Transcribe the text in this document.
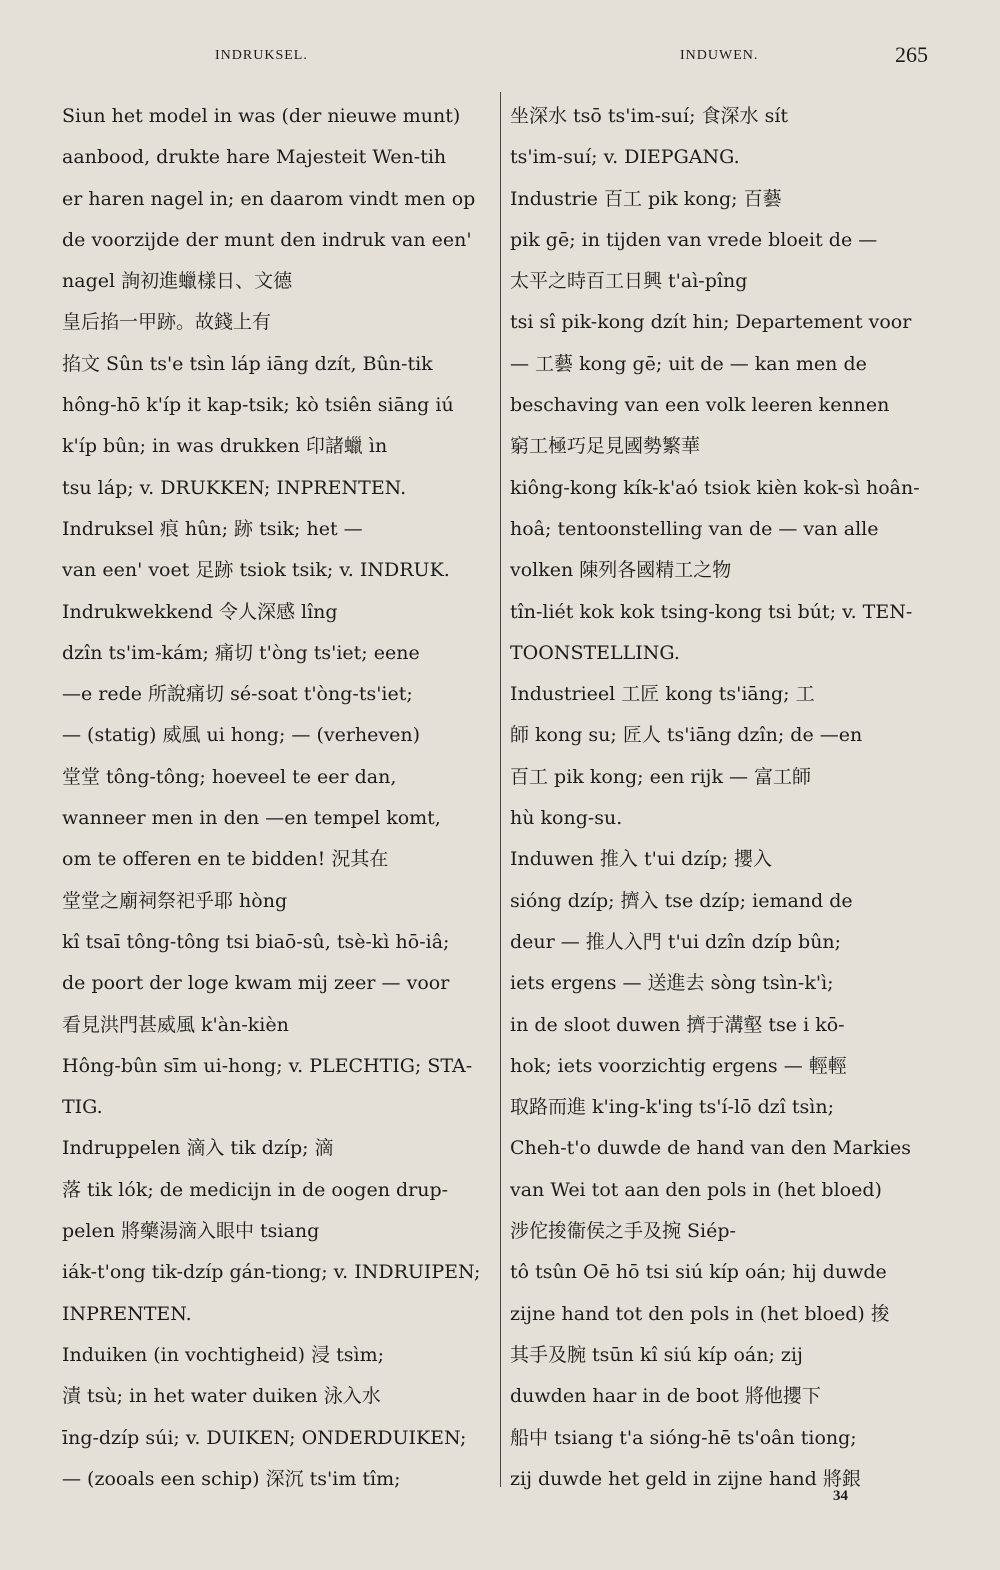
INDRUKSEL.	INDUWEN.	265
Siun het model in was (der nieuwe munt)
aanbood, drukte hare Majesteit Wen-tih
er haren nagel in; en daarom vindt men op
de voorzijde der munt den indruk van een'
nagel 詢初進蠟樣日、文德
皇后掐一甲跡。故錢上有
掐文 Sûn ts'e tsìn láp iāng dzít, Bûn-tik
hông-hō k'íp it kap-tsik; kò tsiên siāng iú
k'íp bûn; in was drukken 印諸蠟 ìn
tsu láp; v. DRUKKEN; INPRENTEN.
Indruksel 痕 hûn; 跡 tsik; het —
van een' voet 足跡 tsiok tsik; v. INDRUK.
Indrukwekkend 令人深感 lîng
dzîn ts'im-kám; 痛切 t'òng ts'iet; eene
—e rede 所說痛切 sé-soat t'òng-ts'iet;
— (statig) 威風 ui hong; — (verheven)
堂堂 tông-tông; hoeveel te eer dan,
wanneer men in den —en tempel komt,
om te offeren en te bidden! 況其在
堂堂之廟祠祭祀乎耶 hòng
kî tsaī tông-tông tsi biaō-sû, tsè-kì hō-iâ;
de poort der loge kwam mij zeer — voor
看見洪門甚威風 k'àn-kièn
Hông-bûn sīm ui-hong; v. PLECHTIG; STA-
TIG.
Indruppelen 滴入 tik dzíp; 滴
落 tik lók; de medicijn in de oogen drup-
pelen 將藥湯滴入眼中 tsiang
iák-t'ong tik-dzíp gán-tiong; v. INDRUIPEN;
INPRENTEN.
Induiken (in vochtigheid) 浸 tsìm;
漬 tsù; in het water duiken 泳入水
īng-dzíp súi; v. DUIKEN; ONDERDUIKEN;
— (zooals een schip) 深沉 ts'im tîm;
坐深水 tsō ts'im-suí; 食深水 sít
ts'im-suí; v. DIEPGANG.
Industrie 百工 pik kong; 百藝
pik gē; in tijden van vrede bloeit de —
太平之時百工日興 t'aì-pîng
tsi sî pik-kong dzít hin; Departement voor
— 工藝 kong gē; uit de — kan men de
beschaving van een volk leeren kennen
窮工極巧足見國勢繁華
kiông-kong kík-k'aó tsiok kièn kok-sì hoân-
hoâ; tentoonstelling van de — van alle
volken 陳列各國精工之物
tîn-liét kok kok tsing-kong tsi bút; v. TEN-
TOONSTELLING.
Industrieel 工匠 kong ts'iāng; 工
師 kong su; 匠人 ts'iāng dzîn; de —en
百工 pik kong; een rijk — 富工師
hù kong-su.
Induwen 推入 t'ui dzíp; 攖入
sióng dzíp; 擠入 tse dzíp; iemand de
deur — 推人入門 t'ui dzîn dzíp bûn;
iets ergens — 送進去 sòng tsìn-k'ì;
in de sloot duwen 擠于溝壑 tse i kō-
hok; iets voorzichtig ergens — 輕輕
取路而進 k'ing-k'ing ts'í-lō dzî tsìn;
Cheh-t'o duwde de hand van den Markies
van Wei tot aan den pols in (het bloed)
涉佗捘衞侯之手及捥 Siép-
tô tsûn Oē hō tsi siú kíp oán; hij duwde
zijne hand tot den pols in (het bloed) 捘
其手及腕 tsūn kî siú kíp oán; zij
duwden haar in de boot 將他攖下
船中 tsiang t'a sióng-hē ts'oân tiong;
zij duwde het geld in zijne hand 將銀
34
